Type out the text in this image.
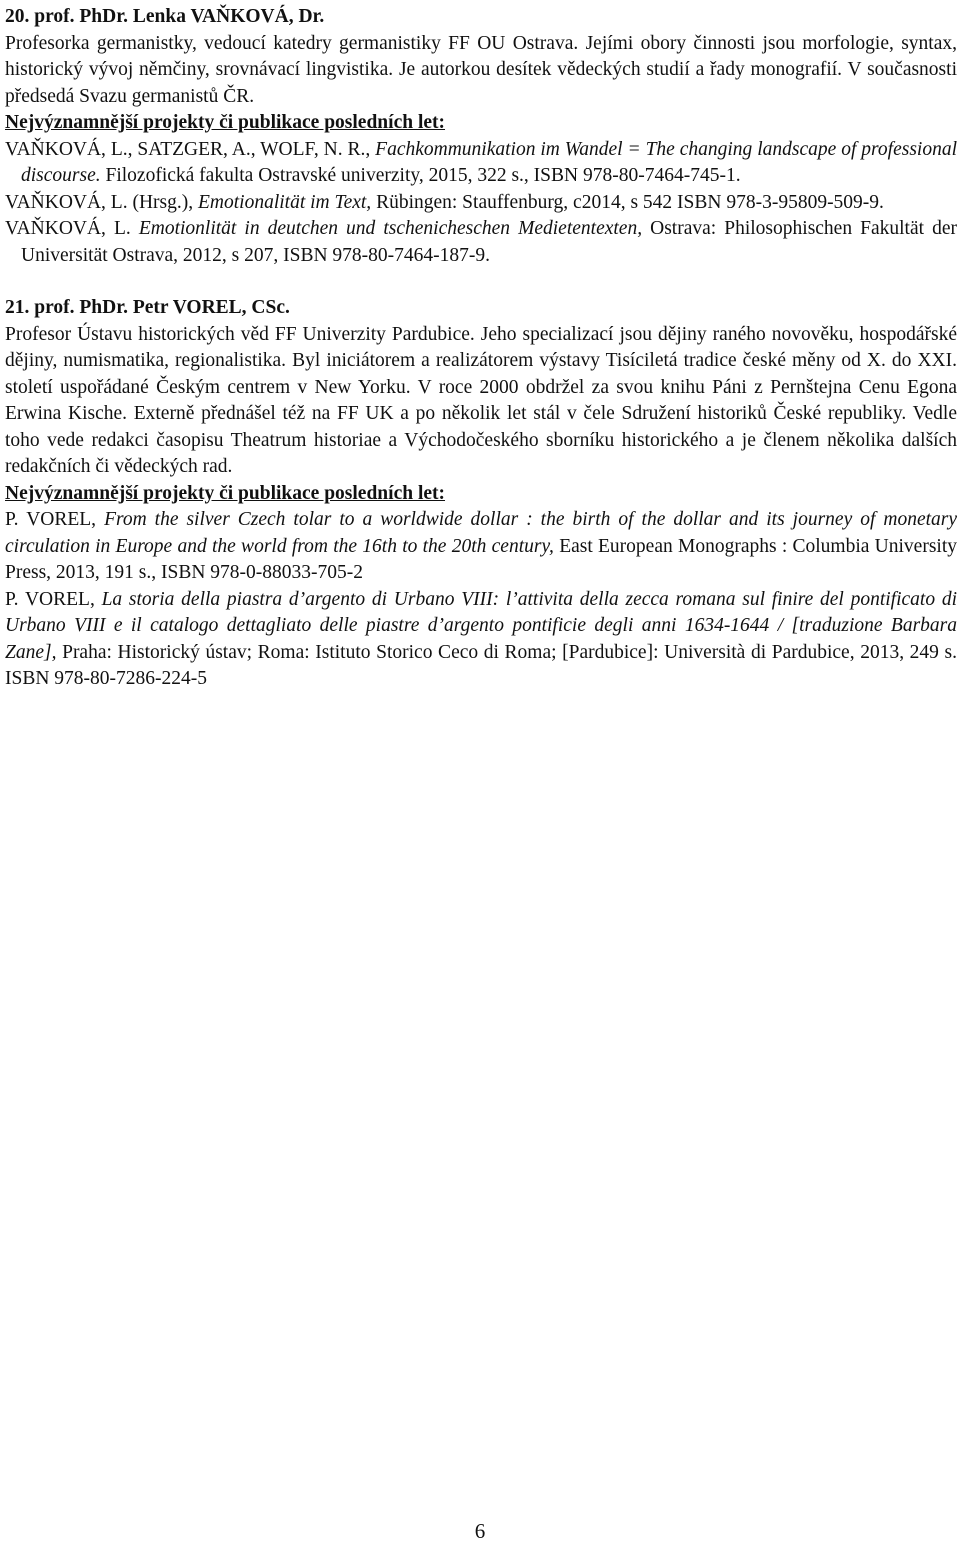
20. prof. PhDr. Lenka VAŇKOVÁ, Dr.

Profesorka germanistky, vedoucí katedry germanistiky FF OU Ostrava. Jejími obory činnosti jsou morfologie, syntax, historický vývoj němčiny, srovnávací lingvistika. Je autorkou desítek vědeckých studií a řady monografií. V současnosti předsedá Svazu germanistů ČR.

Nejvýznamnější projekty či publikace posledních let:

VAŇKOVÁ, L., SATZGER, A., WOLF, N. R., Fachkommunikation im Wandel = The changing landscape of professional discourse. Filozofická fakulta Ostravské univerzity, 2015, 322 s., ISBN 978-80-7464-745-1.

VAŇKOVÁ, L. (Hrsg.), Emotionalität im Text, Rübingen: Stauffenburg, c2014, s 542 ISBN 978-3-95809-509-9.

VAŇKOVÁ, L. Emotionlität in deutchen und tschenicheschen Medietentexten, Ostrava: Philosophischen Fakultät der Universität Ostrava, 2012, s 207, ISBN 978-80-7464-187-9.

21. prof. PhDr. Petr VOREL, CSc.

Profesor Ústavu historických věd FF Univerzity Pardubice. Jeho specializací jsou dějiny raného novověku, hospodářské dějiny, numismatika, regionalistika. Byl iniciátorem a realizátorem výstavy Tisíciletá tradice české měny od X. do XXI. století uspořádané Českým centrem v New Yorku. V roce 2000 obdržel za svou knihu Páni z Pernštejna Cenu Egona Erwina Kische. Externě přednášel též na FF UK a po několik let stál v čele Sdružení historiků České republiky. Vedle toho vede redakci časopisu Theatrum historiae a Východočeského sborníku historického a je členem několika dalších redakčních či vědeckých rad.

Nejvýznamnější projekty či publikace posledních let:

P. VOREL, From the silver Czech tolar to a worldwide dollar : the birth of the dollar and its journey of monetary circulation in Europe and the world from the 16th to the 20th century, East European Monographs : Columbia University Press, 2013, 191 s., ISBN 978-0-88033-705-2

P. VOREL, La storia della piastra d’argento di Urbano VIII: l’attivita della zecca romana sul finire del pontificato di Urbano VIII e il catalogo dettagliato delle piastre d’argento pontificie degli anni 1634-1644 / [traduzione Barbara Zane], Praha: Historický ústav; Roma: Istituto Storico Ceco di Roma; [Pardubice]: Università di Pardubice, 2013, 249 s. ISBN 978-80-7286-224-5

6
